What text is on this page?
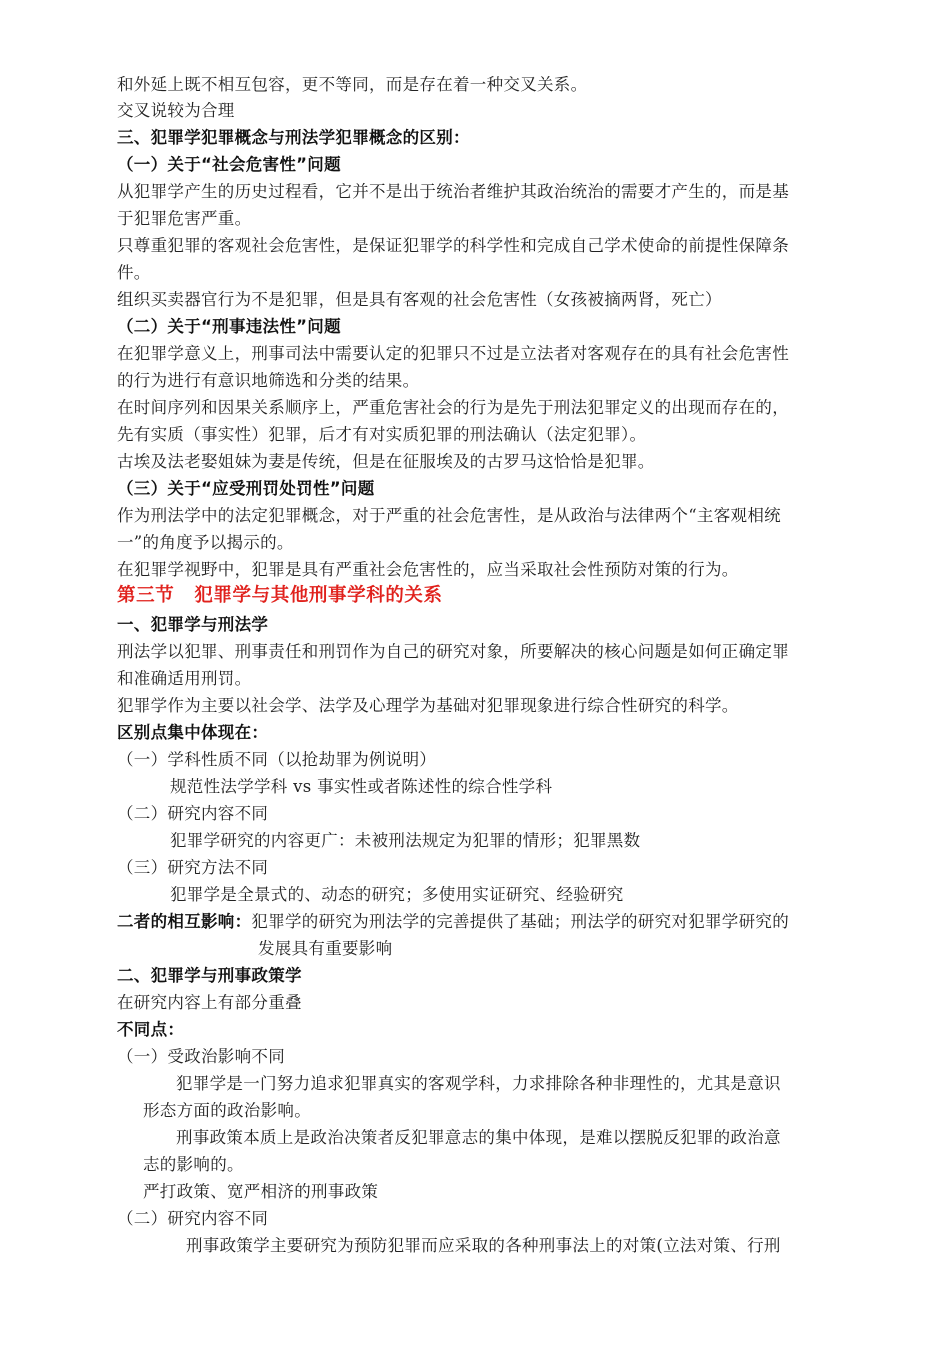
和外延上既不相互包容，更不等同，而是存在着一种交叉关系。
交叉说较为合理
三、犯罪学犯罪概念与刑法学犯罪概念的区别：
（一）关于“社会危害性”问题
从犯罪学产生的历史过程看，它并不是出于统治者维护其政治统治的需要才产生的，而是基
于犯罪危害严重。
只尊重犯罪的客观社会危害性，是保证犯罪学的科学性和完成自己学术使命的前提性保障条
件。
组织买卖器官行为不是犯罪，但是具有客观的社会危害性（女孩被摘两肾，死亡）
（二）关于“刑事违法性”问题
在犯罪学意义上，刑事司法中需要认定的犯罪只不过是立法者对客观存在的具有社会危害性
的行为进行有意识地筛选和分类的结果。
在时间序列和因果关系顺序上，严重危害社会的行为是先于刑法犯罪定义的出现而存在的，
先有实质（事实性）犯罪，后才有对实质犯罪的刑法确认（法定犯罪）。
古埃及法老娶姐妹为妻是传统，但是在征服埃及的古罗马这恰恰是犯罪。
（三）关于“应受刑罚处罚性”问题
作为刑法学中的法定犯罪概念，对于严重的社会危害性，是从政治与法律两个“主客观相统
一”的角度予以揭示的。
在犯罪学视野中，犯罪是具有严重社会危害性的，应当采取社会性预防对策的行为。
第三节 犯罪学与其他刑事学科的关系
一、犯罪学与刑法学
刑法学以犯罪、刑事责任和刑罚作为自己的研究对象，所要解决的核心问题是如何正确定罪
和准确适用刑罚。
犯罪学作为主要以社会学、法学及心理学为基础对犯罪现象进行综合性研究的科学。
区别点集中体现在：
（一）学科性质不同（以抢劫罪为例说明）
规范性法学学科 vs 事实性或者陈述性的综合性学科
（二）研究内容不同
犯罪学研究的内容更广：未被刑法规定为犯罪的情形；犯罪黑数
（三）研究方法不同
犯罪学是全景式的、动态的研究；多使用实证研究、经验研究
二者的相互影响：犯罪学的研究为刑法学的完善提供了基础；刑法学的研究对犯罪学研究的
发展具有重要影响
二、犯罪学与刑事政策学
在研究内容上有部分重叠
不同点：
（一）受政治影响不同
犯罪学是一门努力追求犯罪真实的客观学科，力求排除各种非理性的，尤其是意识
形态方面的政治影响。
刑事政策本质上是政治决策者反犯罪意志的集中体现，是难以摆脱反犯罪的政治意
志的影响的。
严打政策、宽严相济的刑事政策
（二）研究内容不同
刑事政策学主要研究为预防犯罪而应采取的各种刑事法上的对策(立法对策、行刑
